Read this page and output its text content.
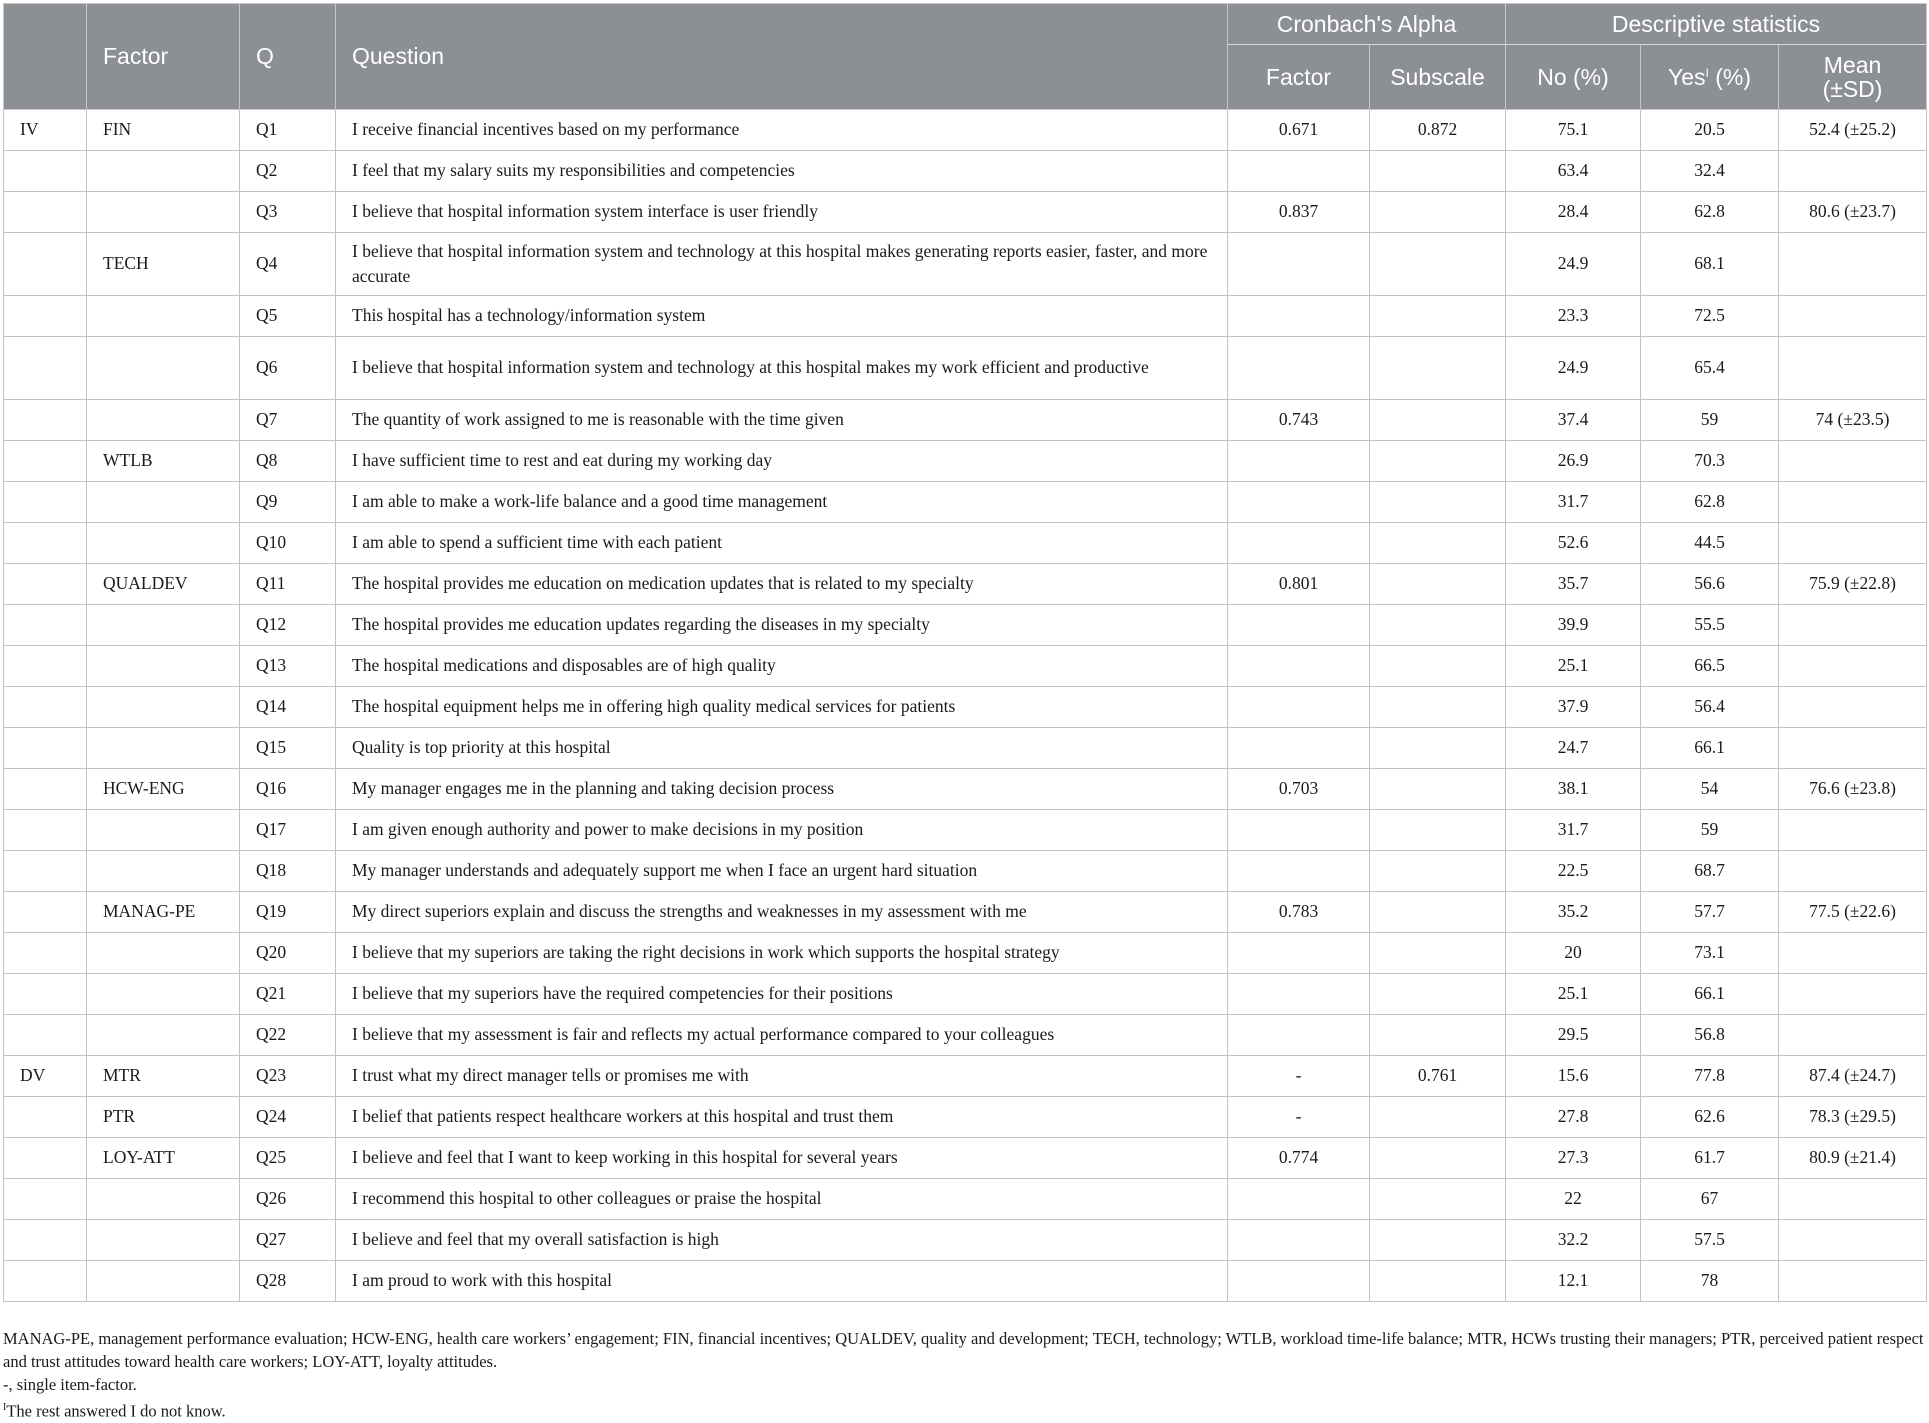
	Factor	Q	Question	Cronbach's Alpha		Descriptive statistics		
				Factor	Subscale	No (%)	Yes$^I$ (%)	Mean (±SD)
IV	FIN	Q1	I receive financial incentives based on my performance	0.671	0.872	75.1	20.5	52.4 (±25.2)
		Q2	I feel that my salary suits my responsibilities and competencies			63.4	32.4	
		Q3	I believe that hospital information system interface is user friendly	0.837		28.4	62.8	80.6 (±23.7)
	TECH	Q4	I believe that hospital information system and technology at this hospital makes generating reports easier, faster, and more accurate			24.9	68.1	
		Q5	This hospital has a technology/information system			23.3	72.5	
		Q6	I believe that hospital information system and technology at this hospital makes my work efficient and productive			24.9	65.4	
		Q7	The quantity of work assigned to me is reasonable with the time given	0.743		37.4	59	74 (±23.5)
	WTLB	Q8	I have sufficient time to rest and eat during my working day			26.9	70.3	
		Q9	I am able to make a work-life balance and a good time management			31.7	62.8	
		Q10	I am able to spend a sufficient time with each patient			52.6	44.5	
	QUALDEV	Q11	The hospital provides me education on medication updates that is related to my specialty	0.801		35.7	56.6	75.9 (±22.8)
		Q12	The hospital provides me education updates regarding the diseases in my specialty			39.9	55.5	
		Q13	The hospital medications and disposables are of high quality			25.1	66.5	
		Q14	The hospital equipment helps me in offering high quality medical services for patients			37.9	56.4	
		Q15	Quality is top priority at this hospital			24.7	66.1	
	HCW-ENG	Q16	My manager engages me in the planning and taking decision process	0.703		38.1	54	76.6 (±23.8)
		Q17	I am given enough authority and power to make decisions in my position			31.7	59	
		Q18	My manager understands and adequately support me when I face an urgent hard situation			22.5	68.7	
	MANAG-PE	Q19	My direct superiors explain and discuss the strengths and weaknesses in my assessment with me	0.783		35.2	57.7	77.5 (±22.6)
		Q20	I believe that my superiors are taking the right decisions in work which supports the hospital strategy			20	73.1	
		Q21	I believe that my superiors have the required competencies for their positions			25.1	66.1	
		Q22	I believe that my assessment is fair and reflects my actual performance compared to your colleagues			29.5	56.8	
DV	MTR	Q23	I trust what my direct manager tells or promises me with	-	0.761	15.6	77.8	87.4 (±24.7)
	PTR	Q24	I belief that patients respect healthcare workers at this hospital and trust them	-		27.8	62.6	78.3 (±29.5)
	LOY-ATT	Q25	I believe and feel that I want to keep working in this hospital for several years	0.774		27.3	61.7	80.9 (±21.4)
		Q26	I recommend this hospital to other colleagues or praise the hospital			22	67	
		Q27	I believe and feel that my overall satisfaction is high			32.2	57.5	
		Q28	I am proud to work with this hospital			12.1	78	

MANAG-PE, management performance evaluation; HCW-ENG, health care workers’ engagement; FIN, financial incentives; QUALDEV, quality and development; TECH, technology; WTLB, workload time-life balance; MTR, HCWs trusting their managers; PTR, perceived patient respect and trust attitudes toward health care workers; LOY-ATT, loyalty attitudes.

-, single item-factor.

$^I$The rest answered I do not know.
